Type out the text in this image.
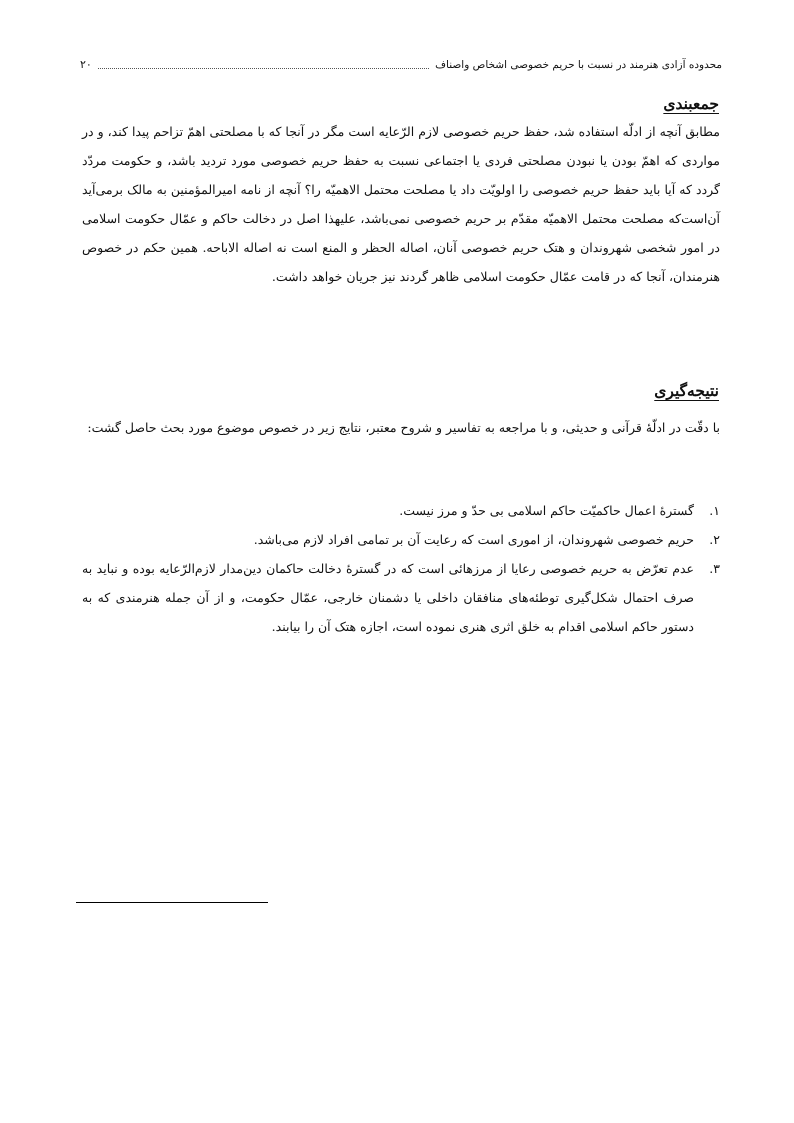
محدوده آزادی هنرمند در نسبت با حریم خصوصی اشخاص واصناف
۲۰
جمعبندی

مطابق آنچه از ادلّه استفاده شد، حفظ حریم خصوصی لازم الرّعایه است مگر در آنجا که با مصلحتی اهمّ تزاحم پیدا کند، و در مواردی که اهمّ بودن یا نبودن مصلحتی فردی یا اجتماعی نسبت به حفظ حریم خصوصی مورد تردید باشد، و حکومت مردّد گردد که آیا باید حفظ حریم خصوصی را اولویّت داد یا مصلحت محتمل الاهمیّه را؟ آنچه از نامه امیرالمؤمنین به مالک برمی‌آید آن‌است‌که مصلحت محتمل الاهمیّه مقدّم بر حریم خصوصی نمی‌باشد، علیهذا اصل در دخالت حاکم و عمّال حکومت اسلامی در امور شخصی شهروندان و هتک حریم خصوصی آنان، اصاله الحظر و المنع است نه اصاله الاباحه. همین حکم در خصوص هنرمندان، آنجا که در قامت عمّال حکومت اسلامی ظاهر گردند نیز جریان خواهد داشت.

نتیجه‌گیری

با دقّت در ادلّهٔ قرآنی و حدیثی، و با مراجعه به تفاسیر و شروح معتبر، نتایج زیر در خصوص موضوع مورد بحث حاصل گشت:

۱.
گسترهٔ اعمال حاکمیّت حاکم اسلامی بی حدّ و مرز نیست.
۲.
حریم خصوصی شهروندان، از اموری است که رعایت آن بر تمامی افراد لازم می‌باشد.
۳.
عدم تعرّض به حریم خصوصی رعایا از مرزهائی است که در گسترهٔ دخالت حاکمان دین‌مدار لازم‌الرّعایه بوده و نباید به صرف احتمال شکل‌گیری توطئه‌های منافقان داخلی یا دشمنان خارجی، عمّال حکومت، و از آن جمله هنرمندی که به دستور حاکم اسلامی اقدام به خلق اثری هنری نموده است، اجازه هتک آن را بیابند.
